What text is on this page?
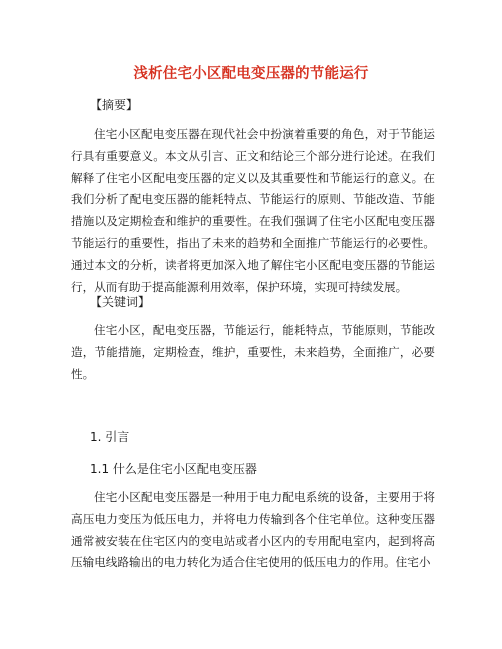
浅析住宅小区配电变压器的节能运行
【摘要】
住宅小区配电变压器在现代社会中扮演着重要的角色，对于节能运行具有重要意义。本文从引言、正文和结论三个部分进行论述。在我们解释了住宅小区配电变压器的定义以及其重要性和节能运行的意义。在我们分析了配电变压器的能耗特点、节能运行的原则、节能改造、节能措施以及定期检查和维护的重要性。在我们强调了住宅小区配电变压器节能运行的重要性，指出了未来的趋势和全面推广节能运行的必要性。通过本文的分析，读者将更加深入地了解住宅小区配电变压器的节能运行，从而有助于提高能源利用效率，保护环境，实现可持续发展。
【关键词】
住宅小区，配电变压器，节能运行，能耗特点，节能原则，节能改造，节能措施，定期检查，维护，重要性，未来趋势，全面推广，必要性。
1. 引言
1.1 什么是住宅小区配电变压器
住宅小区配电变压器是一种用于电力配电系统的设备，主要用于将高压电力变压为低压电力，并将电力传输到各个住宅单位。这种变压器通常被安装在住宅区内的变电站或者小区内的专用配电室内，起到将高压输电线路输出的电力转化为适合住宅使用的低压电力的作用。住宅小
